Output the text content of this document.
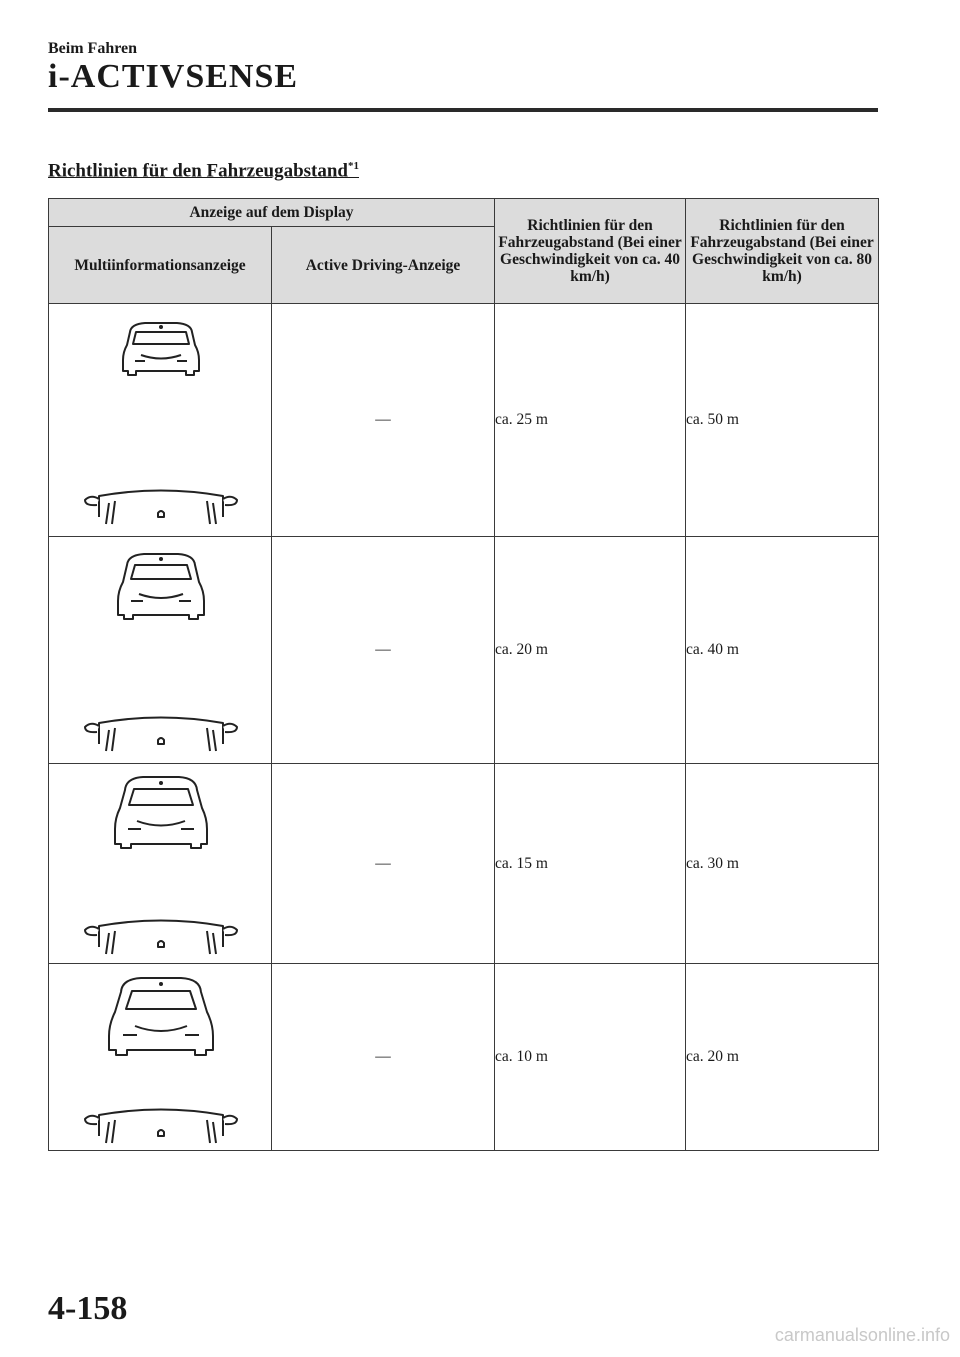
Beim Fahren
i-ACTIVSENSE
Richtlinien für den Fahrzeugabstand$^{*1}$
Anzeige auf dem Display		Richtlinien für den Fahrzeugabstand (Bei einer Geschwindigkeit von ca. 40 km/h)	Richtlinien für den Fahrzeugabstand (Bei einer Geschwindigkeit von ca. 80 km/h)
Multiinformationsanzeige	Active Driving-Anzeige		

	—	ca. 25 m	ca. 50 m

	—	ca. 20 m	ca. 40 m

	—	ca. 15 m	ca. 30 m

	—	ca. 10 m	ca. 20 m
4-158
carmanualsonline.info
